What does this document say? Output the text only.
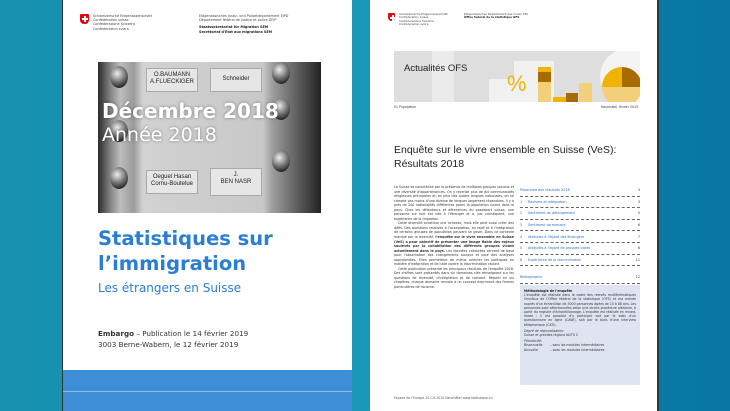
Schweizerische Eidgenossenschaft
Confédération suisse
Confederazione Svizzera
Confederaziun svizra
Eidgenössisches Justiz- und Polizeidepartement EJPD
Département fédéral de justice et police DFJP
Staatssekretariat für Migration SEM
Secrétariat d'Etat aux migrations SEM
O.BAUMANN
A.FLUECKIGER	Schneider
Oeguel Hasan
Cornu-Boutelue
J.
BEN NASR
Décembre 2018
Année 2018
Statistiques sur
l’immigration
Les étrangers en Suisse
Embargo – Publication le 14 février 2019
3003 Berne-Wabern, le 12 février 2019
Schweizerische Eidgenossenschaft
Confédération suisse
Confederazione Svizzera
Confederaziun svizra
Eidgenössisches Departement des Innern EDI
Office fédéral de la statistique OFS
Actualités OFS
%
01 Population	Neuchâtel, février 2019
Enquête sur le vivre ensemble en Suisse (VeS): Résultats 2018

La Suisse se caractérise par la présence de multiples groupes sociaux et une diversité d'appartenances. On y recense plus de dix communautés religieuses principales et, en plus des quatre langues nationales, on ne compte pas moins d'une dizaine de langues largement répandues. Il y a près de 200 nationalités différentes parmi la population vivant dans le pays. Chez les détenteurs et détentrices du passeport suisse, une personne sur huit est née à l'étranger et a, par conséquent, une expérience de la migration.

Cette diversité constitue une richesse, mais elle peut aussi créer des défis. Des questions relatives à l'acceptation, au rejet et à l'intégration de certains groupes de population peuvent se poser. Dans ce contexte marqué par la diversité, l'enquête sur le vivre ensemble en Suisse (VeS) a pour objectif de présenter une image fiable des enjeux soulevés par la cohabitation des différents groupes vivant actuellement dans le pays. Les données collectées servent de base pour l'observation des changements sociaux et pour des analyses approfondies. Elles permettent de mieux orienter les politiques en matière d'intégration et de lutte contre la discrimination raciale.

Cette publication présente les principaux résultats de l'enquête 2018. Des chiffres sont présentés dans six domaines clés renseignant sur les questions de diversité, d'intégration et de racisme. Réparti en six chapitres, chaque domaine renvoie à un concept exprimant des formes particulières de racisme.

Panorama des résultats 2018	3
1 Racisme et intégration	3
2 Sentiment de dérangement	5
3 Sentiment de menace	6
4 Attitudes à l'égard des étrangers	7
5 Attitudes à l'égard de groupes cibles	8
6 Expérience de la discrimination	11
Bibliographie	12
Méthodologie de l'enquête

L'enquête est réalisée dans le cadre des relevés multithématiques Omnibus de l'Office fédéral de la statistique (OFS) et est menée auprès d'un échantillon de 3000 personnes âgées de 15 à 88 ans. Les personnes sont sélectionnées selon une stricte procédure aléatoire, à partir du registre d'échantillonnage. L'enquête est réalisée en mixed-mode : il est possible d'y participer soit par le biais d'un questionnaire en ligne (CAWI), soit par le biais d'une interview téléphonique (CATI).

Degré de régionalisation:

Suisse et grandes régions NUTS 2

Périodicité:
Bisannuelle – sans les modules intermédiaires
Annuelle	– avec les modules intermédiaires
Espace de l'Europe 10 CH-2010 Neuchâtel www.statistique.ch
